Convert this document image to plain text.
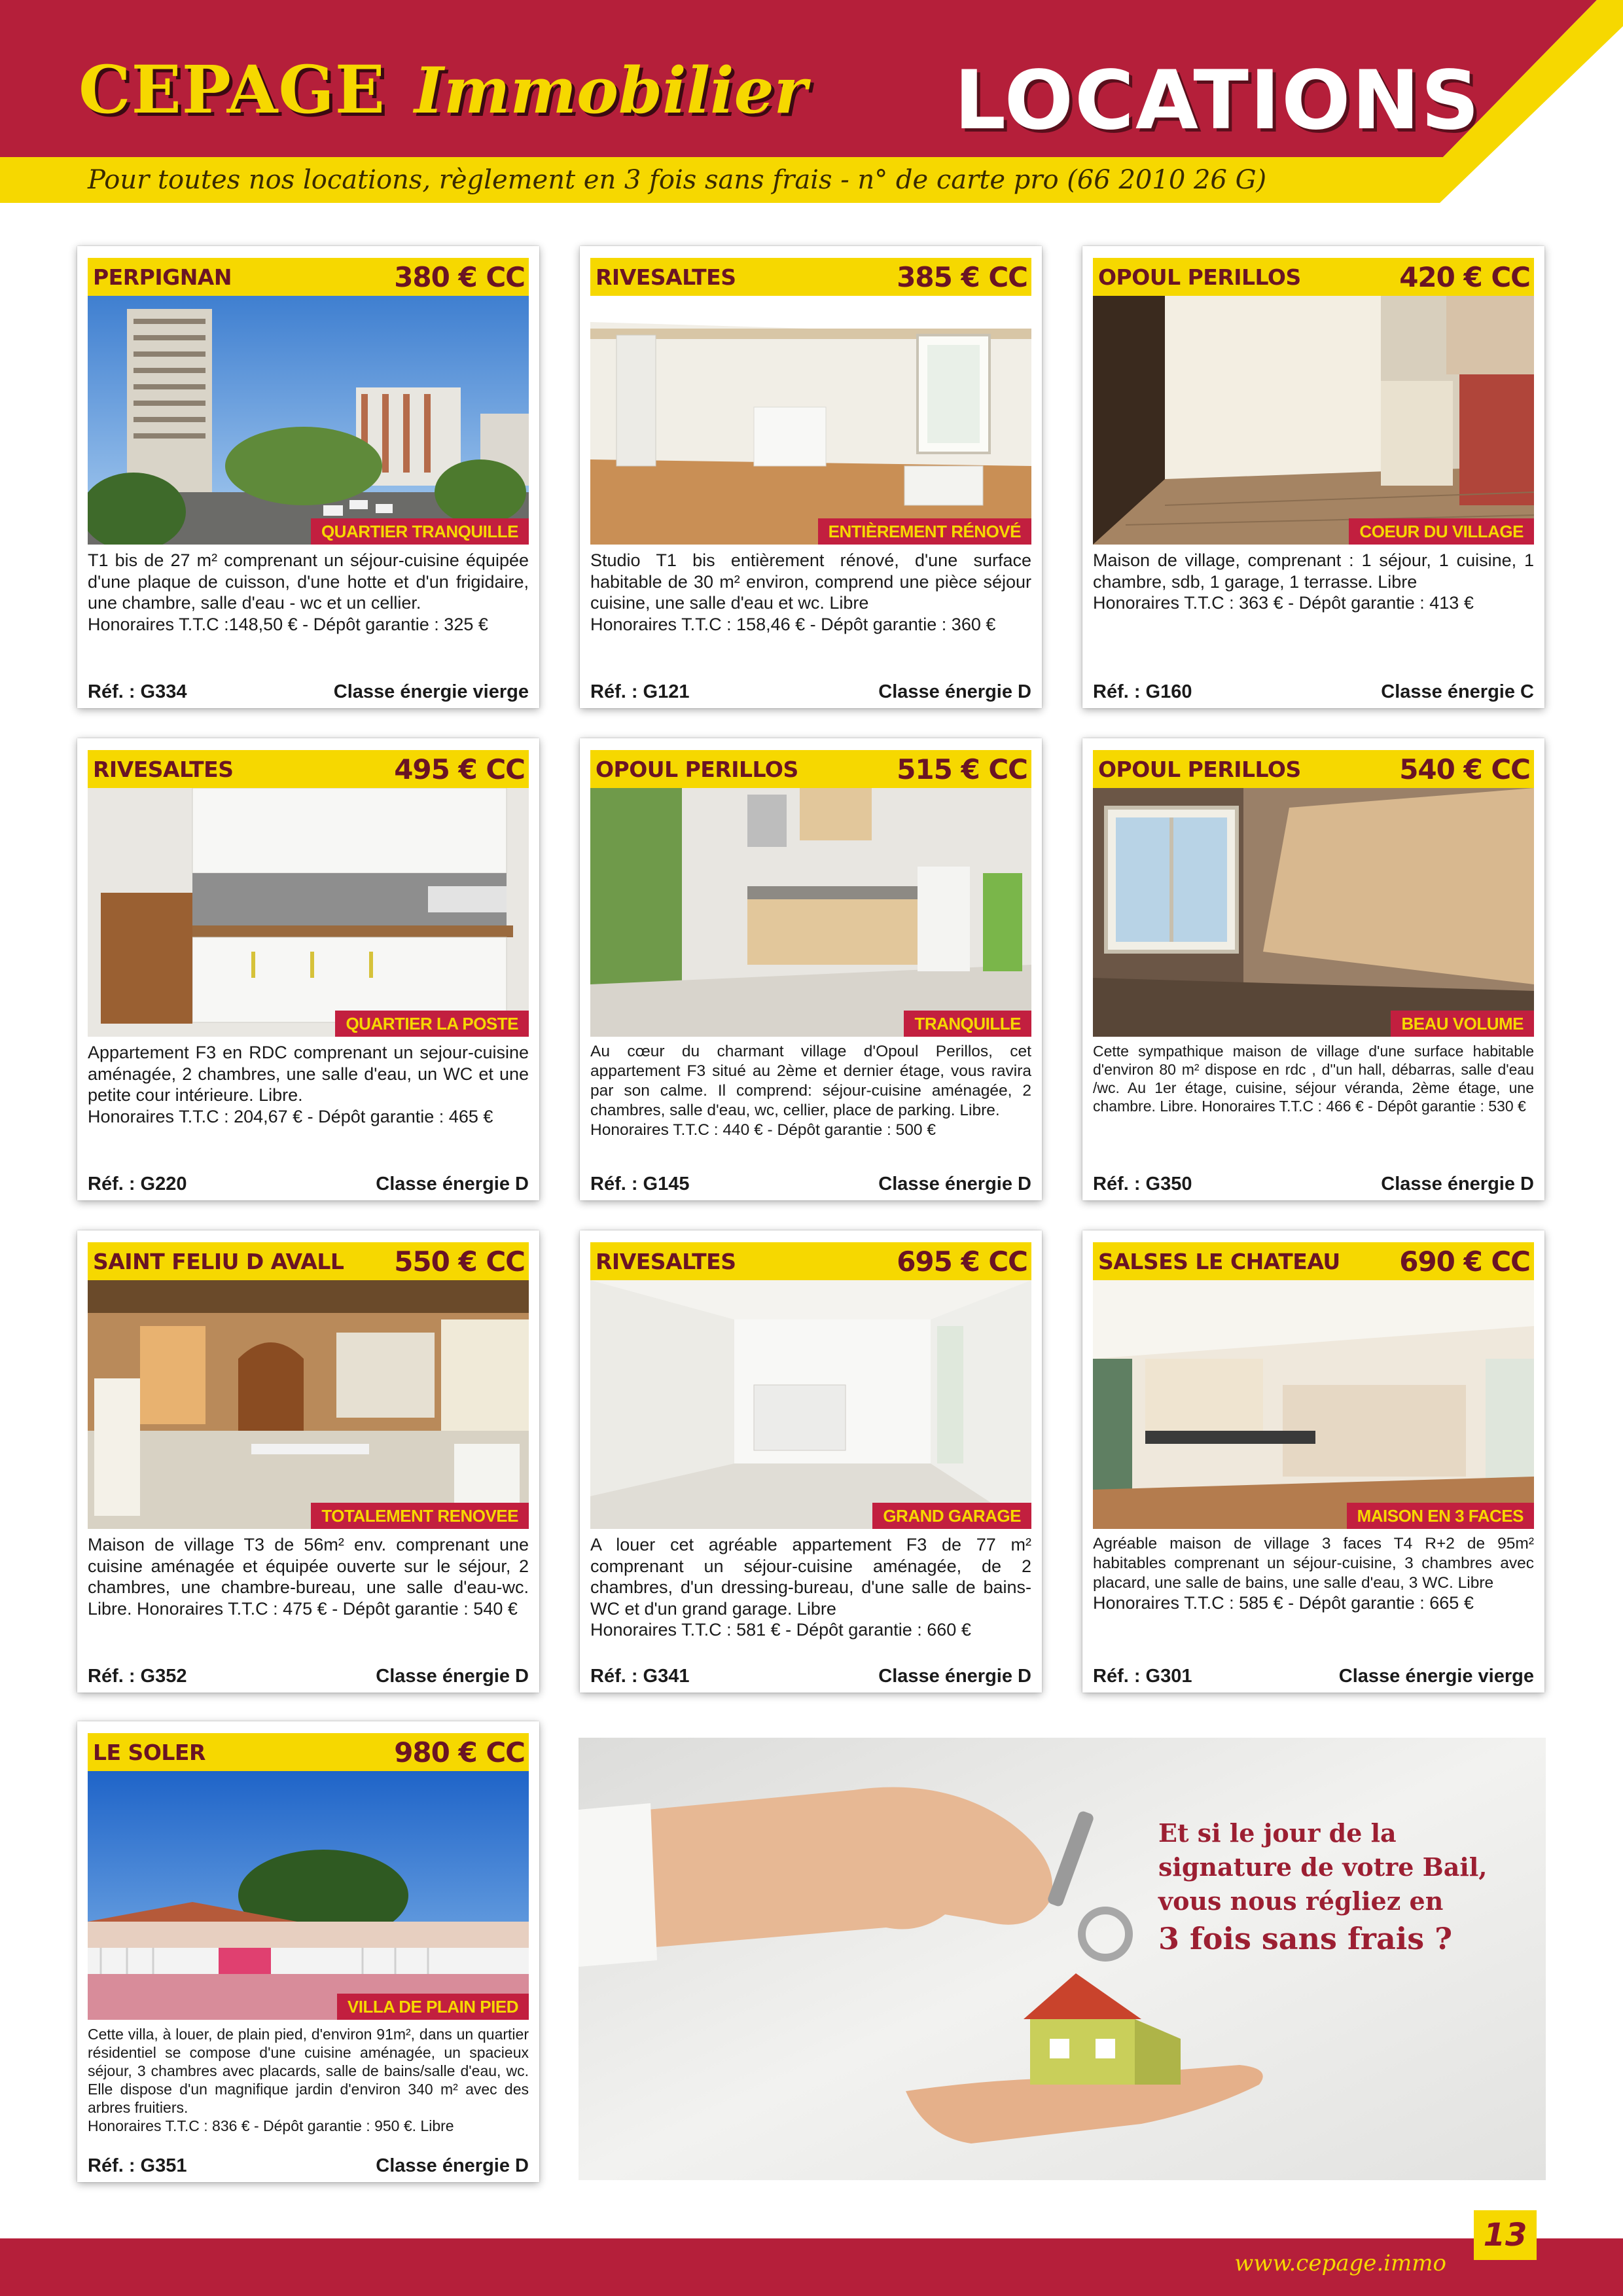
CEPAGE Immobilier LOCATIONS
Pour toutes nos locations, règlement en 3 fois sans frais - n° de carte pro (66 2010 26 G)
PERPIGNAN	380 € CC
QUARTIER TRANQUILLE

T1 bis de 27 m² comprenant un séjour-cuisine équipée d'une plaque de cuisson, d'une hotte et d'un frigidaire, une chambre, salle d'eau - wc et un cellier.

Honoraires T.T.C :148,50 € - Dépôt garantie : 325 €

Réf. : G334	Classe énergie vierge
RIVESALTES	385 € CC
ENTIÈREMENT RÉNOVÉ

Studio T1 bis entièrement rénové, d'une surface habitable de 30 m² environ, comprend une pièce séjour cuisine, une salle d'eau et wc. Libre

Honoraires T.T.C : 158,46 € - Dépôt garantie : 360 €

Réf. : G121	Classe énergie D
OPOUL PERILLOS	420 € CC
COEUR DU VILLAGE

Maison de village, comprenant : 1 séjour, 1 cuisine, 1 chambre, sdb, 1 garage, 1 terrasse. Libre

Honoraires T.T.C : 363 € - Dépôt garantie : 413 €

Réf. : G160	Classe énergie C
RIVESALTES	495 € CC
QUARTIER LA POSTE

Appartement F3 en RDC comprenant un sejour-cuisine aménagée, 2 chambres, une salle d'eau, un WC et une petite cour intérieure. Libre.

Honoraires T.T.C : 204,67 € - Dépôt garantie : 465 €

Réf. : G220	Classe énergie D
OPOUL PERILLOS	515 € CC
TRANQUILLE

Au cœur du charmant village d'Opoul Perillos, cet appartement F3 situé au 2ème et dernier étage, vous ravira par son calme. Il comprend: séjour-cuisine aménagée, 2 chambres, salle d'eau, wc, cellier, place de parking. Libre.

Honoraires T.T.C : 440 € - Dépôt garantie : 500 €

Réf. : G145	Classe énergie D
OPOUL PERILLOS	540 € CC
BEAU VOLUME

Cette sympathique maison de village d'une surface habitable d'environ 80 m² dispose en rdc , d''un hall, débarras, salle d'eau /wc. Au 1er étage, cuisine, séjour véranda, 2ème étage, une chambre. Libre. Honoraires T.T.C : 466 € - Dépôt garantie : 530 €

Réf. : G350	Classe énergie D
SAINT FELIU D AVALL 550 € CC
TOTALEMENT RENOVEE

Maison de village T3 de 56m² env. comprenant une cuisine aménagée et équipée ouverte sur le séjour, 2 chambres, une chambre-bureau, une salle d'eau-wc. Libre. Honoraires T.T.C : 475 € - Dépôt garantie : 540 €

Réf. : G352	Classe énergie D
RIVESALTES	695 € CC
GRAND GARAGE

A louer cet agréable appartement F3 de 77 m² comprenant un séjour-cuisine aménagée, de 2 chambres, d'un dressing-bureau, d'une salle de bains-WC et d'un grand garage. Libre

Honoraires T.T.C : 581 € - Dépôt garantie : 660 €

Réf. : G341	Classe énergie D
SALSES LE CHATEAU 690 € CC
MAISON EN 3 FACES

Agréable maison de village 3 faces T4 R+2 de 95m² habitables comprenant un séjour-cuisine, 3 chambres avec placard, une salle de bains, une salle d'eau, 3 WC. Libre

Honoraires T.T.C : 585 € - Dépôt garantie : 665 €

Réf. : G301	Classe énergie vierge
LE SOLER	980 € CC
VILLA DE PLAIN PIED

Cette villa, à louer, de plain pied, d'environ 91m², dans un quartier résidentiel se compose d'une cuisine aménagée, un spacieux séjour, 3 chambres avec placards, salle de bains/salle d'eau, wc. Elle dispose d'un magnifique jardin d'environ 340 m² avec des arbres fruitiers.

Honoraires T.T.C : 836 € - Dépôt garantie : 950 €. Libre

Réf. : G351	Classe énergie D
Et si le jour de la
signature de votre Bail,
vous nous régliez en
3 fois sans frais ?
www.cepage.immo
13
